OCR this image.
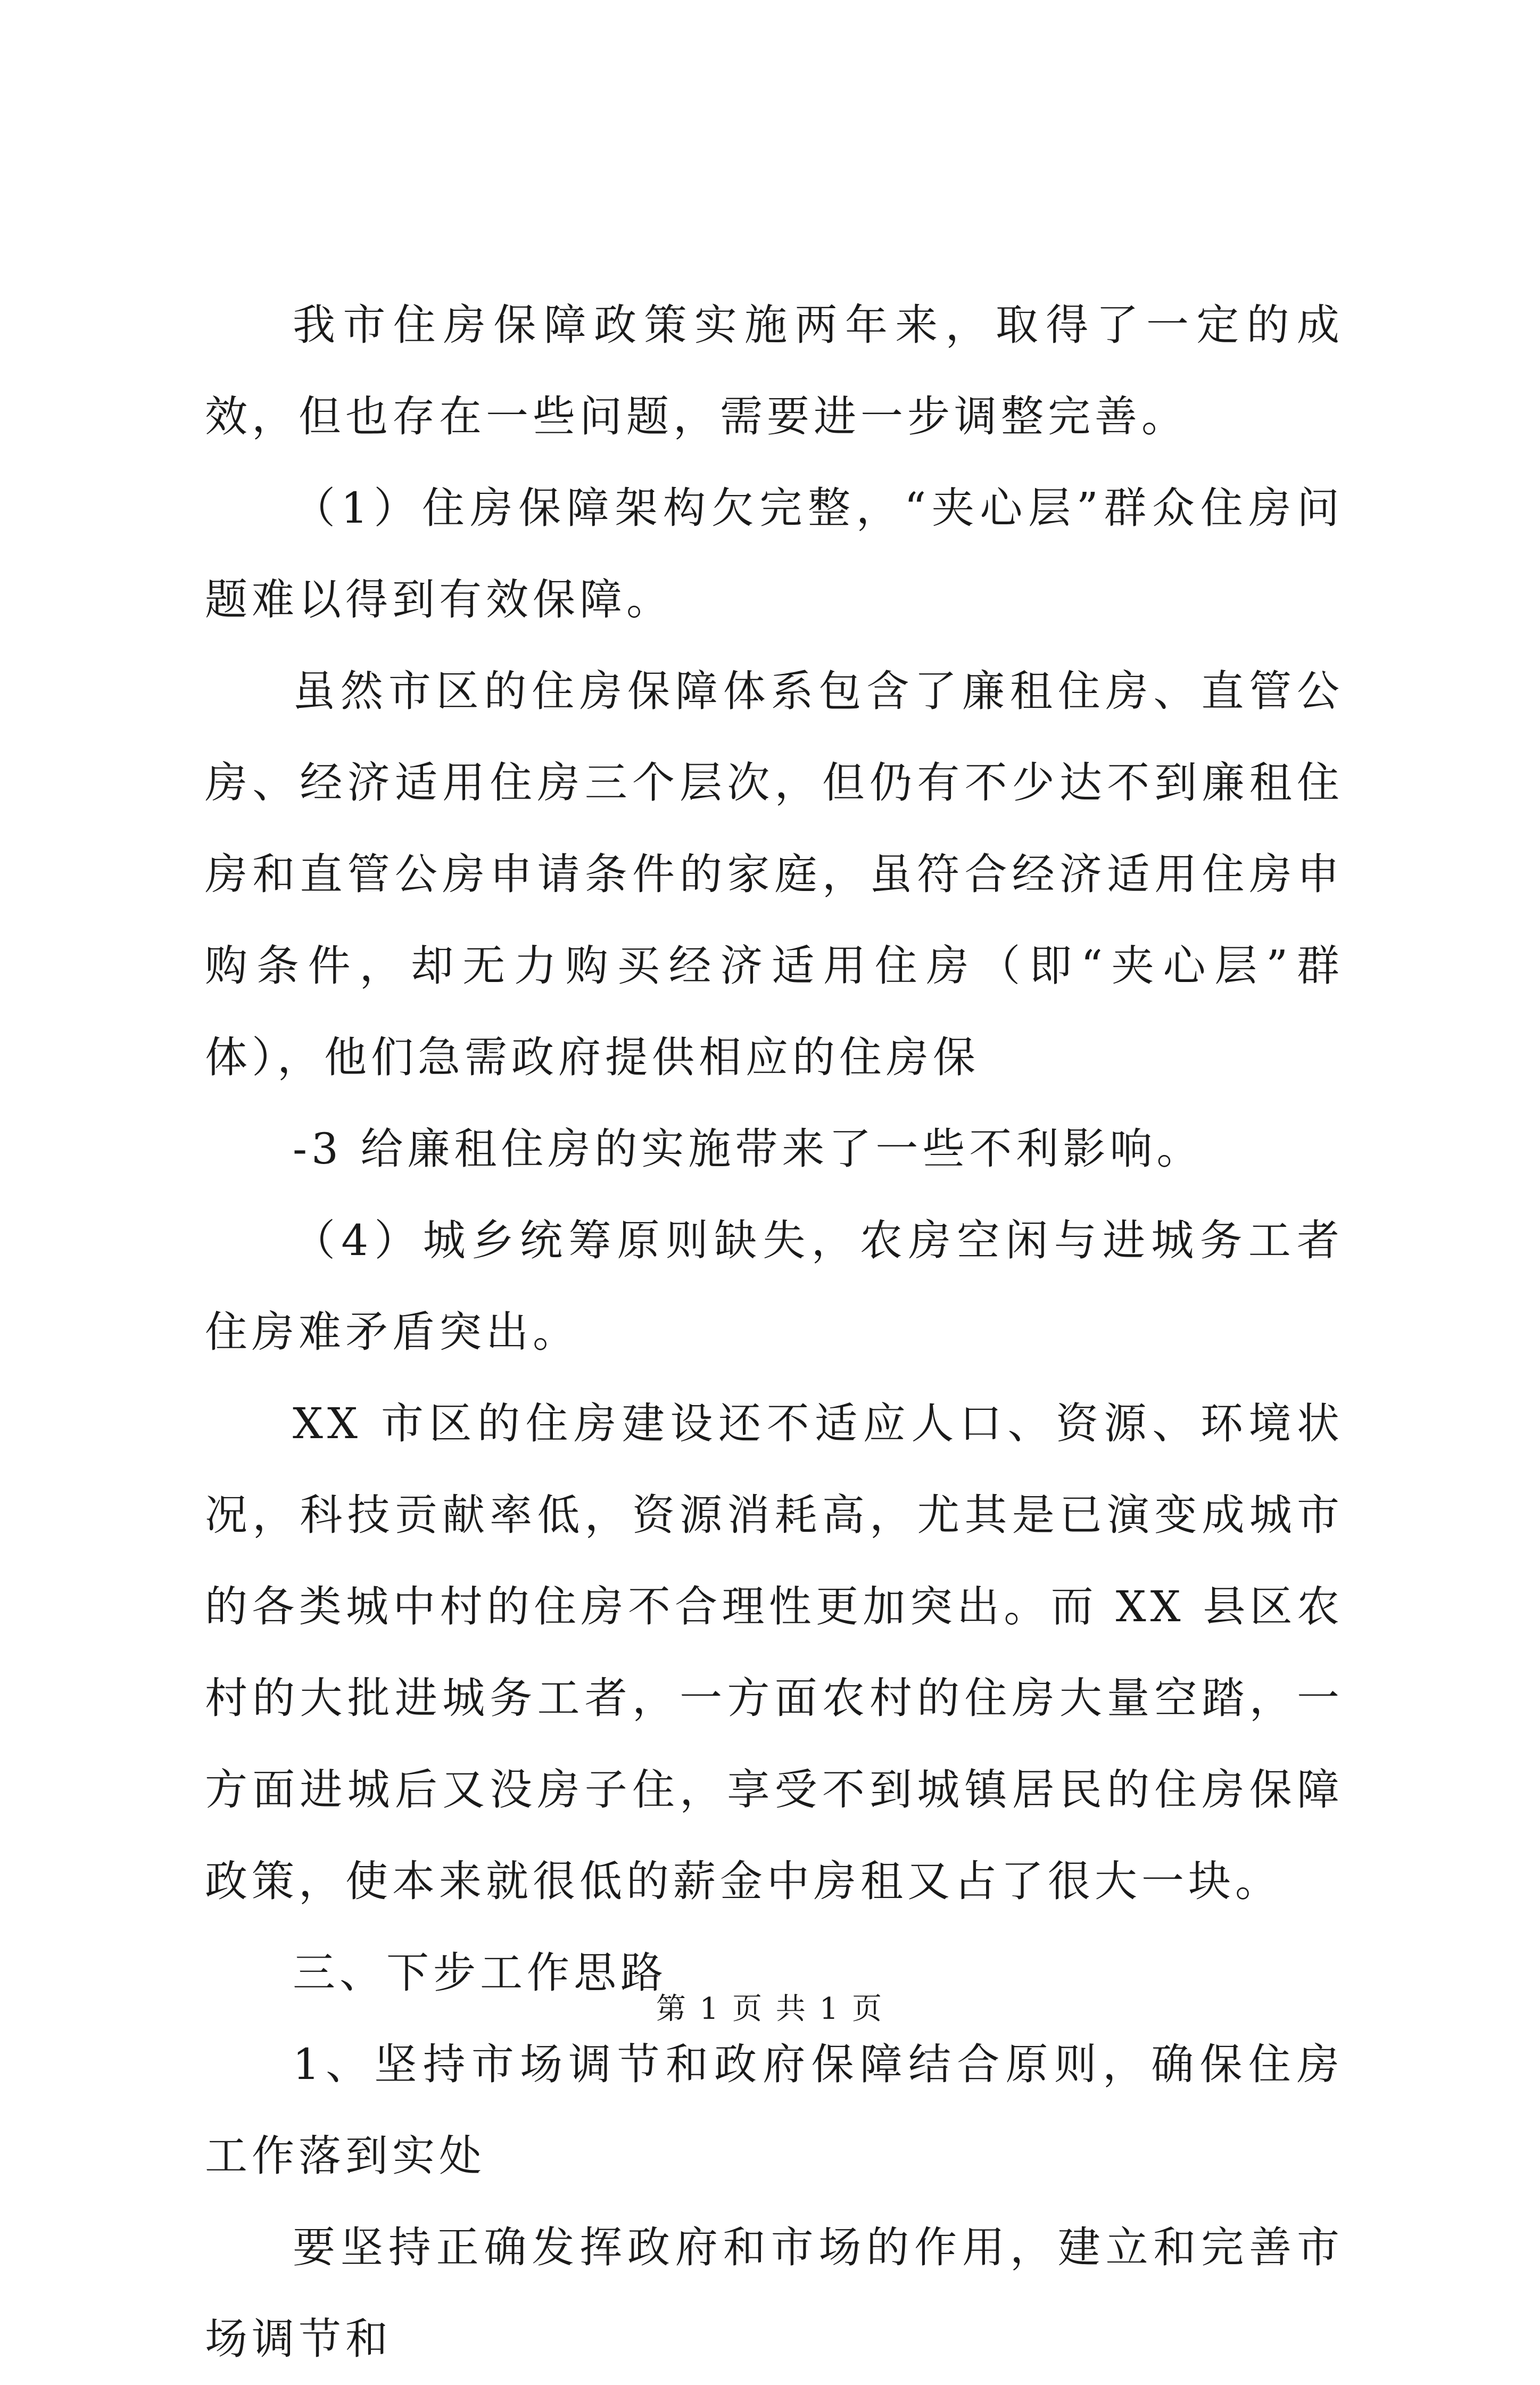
我市住房保障政策实施两年来，取得了一定的成效，但也存在一些问题，需要进一步调整完善。

（1）住房保障架构欠完整，“夹心层”群众住房问题难以得到有效保障。

虽然市区的住房保障体系包含了廉租住房、直管公房、经济适用住房三个层次，但仍有不少达不到廉租住房和直管公房申请条件的家庭，虽符合经济适用住房申购条件，却无力购买经济适用住房（即“夹心层”群体），他们急需政府提供相应的住房保

-3 给廉租住房的实施带来了一些不利影响。

（4）城乡统筹原则缺失，农房空闲与进城务工者住房难矛盾突出。

XX 市区的住房建设还不适应人口、资源、环境状况，科技贡献率低，资源消耗高，尤其是已演变成城市的各类城中村的住房不合理性更加突出。而 XX 县区农村的大批进城务工者，一方面农村的住房大量空踏，一方面进城后又没房子住，享受不到城镇居民的住房保障政策，使本来就很低的薪金中房租又占了很大一块。

三、下步工作思路

1、坚持市场调节和政府保障结合原则，确保住房工作落到实处

要坚持正确发挥政府和市场的作用，建立和完善市场调节和

第 1 页 共 1 页
